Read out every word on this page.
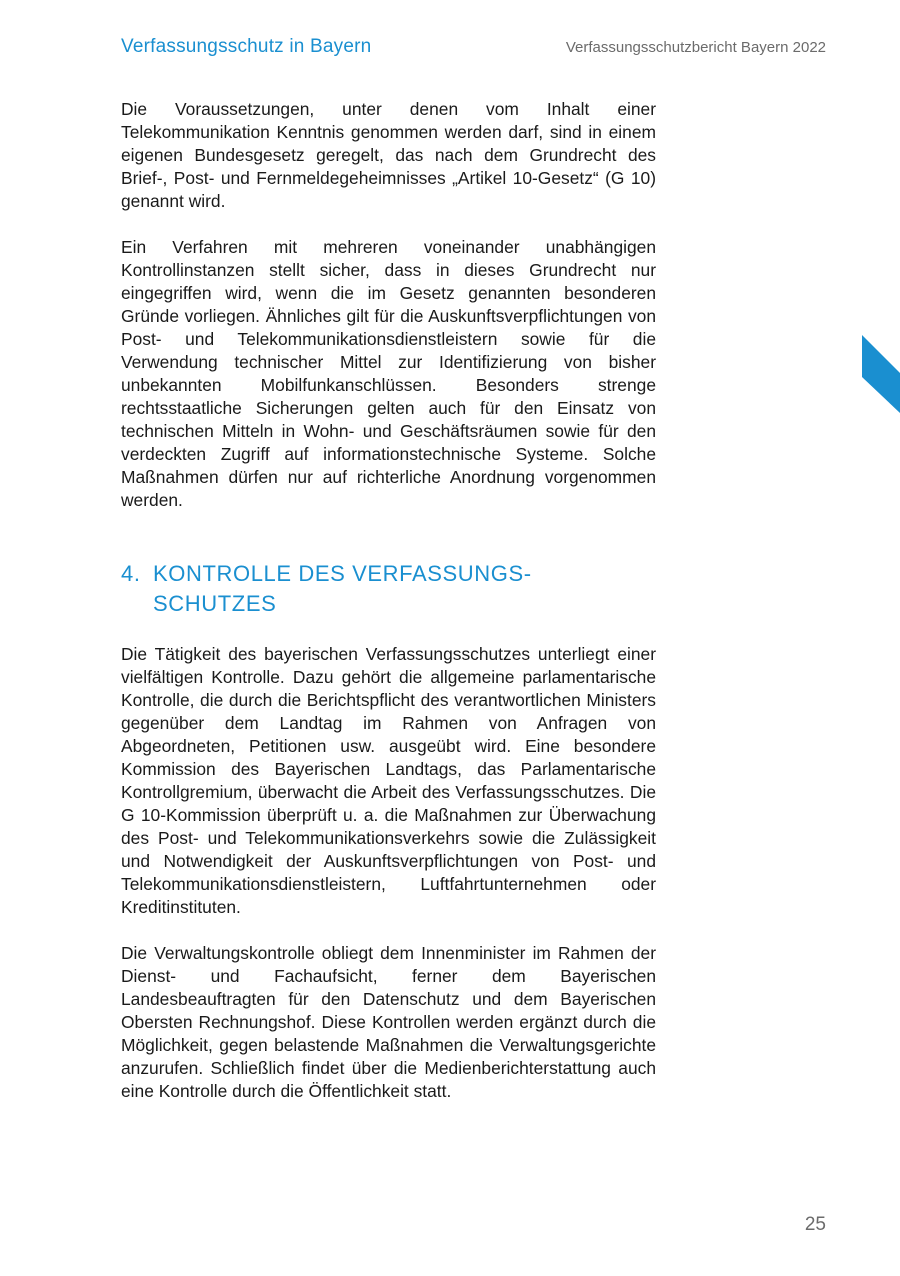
Verfassungsschutz in Bayern	Verfassungsschutzbericht Bayern 2022

Die Voraussetzungen, unter denen vom Inhalt einer Telekommunikation Kenntnis genommen werden darf, sind in einem eigenen Bundesgesetz geregelt, das nach dem Grundrecht des Brief-, Post- und Fernmeldegeheimnisses „Artikel 10-Gesetz“ (G 10) genannt wird.

Ein Verfahren mit mehreren voneinander unabhängigen Kontrollinstanzen stellt sicher, dass in dieses Grundrecht nur eingegriffen wird, wenn die im Gesetz genannten besonderen Gründe vorliegen. Ähnliches gilt für die Auskunftsverpflichtungen von Post- und Telekommunikationsdienstleistern sowie für die Verwendung technischer Mittel zur Identifizierung von bisher unbekannten Mobilfunkanschlüssen. Besonders strenge rechtsstaatliche Sicherungen gelten auch für den Einsatz von technischen Mitteln in Wohn- und Geschäftsräumen sowie für den verdeckten Zugriff auf informationstechnische Systeme. Solche Maßnahmen dürfen nur auf richterliche Anordnung vorgenommen werden.

4. KONTROLLE DES VERFASSUNGS- SCHUTZES

Die Tätigkeit des bayerischen Verfassungsschutzes unterliegt einer vielfältigen Kontrolle. Dazu gehört die allgemeine parlamentarische Kontrolle, die durch die Berichtspflicht des verantwortlichen Ministers gegenüber dem Landtag im Rahmen von Anfragen von Abgeordneten, Petitionen usw. ausgeübt wird. Eine besondere Kommission des Bayerischen Landtags, das Parlamentarische Kontrollgremium, überwacht die Arbeit des Verfassungsschutzes. Die G 10-Kommission überprüft u. a. die Maßnahmen zur Überwachung des Post- und Telekommunikationsverkehrs sowie die Zulässigkeit und Notwendigkeit der Auskunftsverpflichtungen von Post- und Telekommunikationsdienstleistern, Luftfahrtunternehmen oder Kreditinstituten.

Die Verwaltungskontrolle obliegt dem Innenminister im Rahmen der Dienst- und Fachaufsicht, ferner dem Bayerischen Landesbeauftragten für den Datenschutz und dem Bayerischen Obersten Rechnungshof. Diese Kontrollen werden ergänzt durch die Möglichkeit, gegen belastende Maßnahmen die Verwaltungsgerichte anzurufen. Schließlich findet über die Medienberichterstattung auch eine Kontrolle durch die Öffentlichkeit statt.

25
